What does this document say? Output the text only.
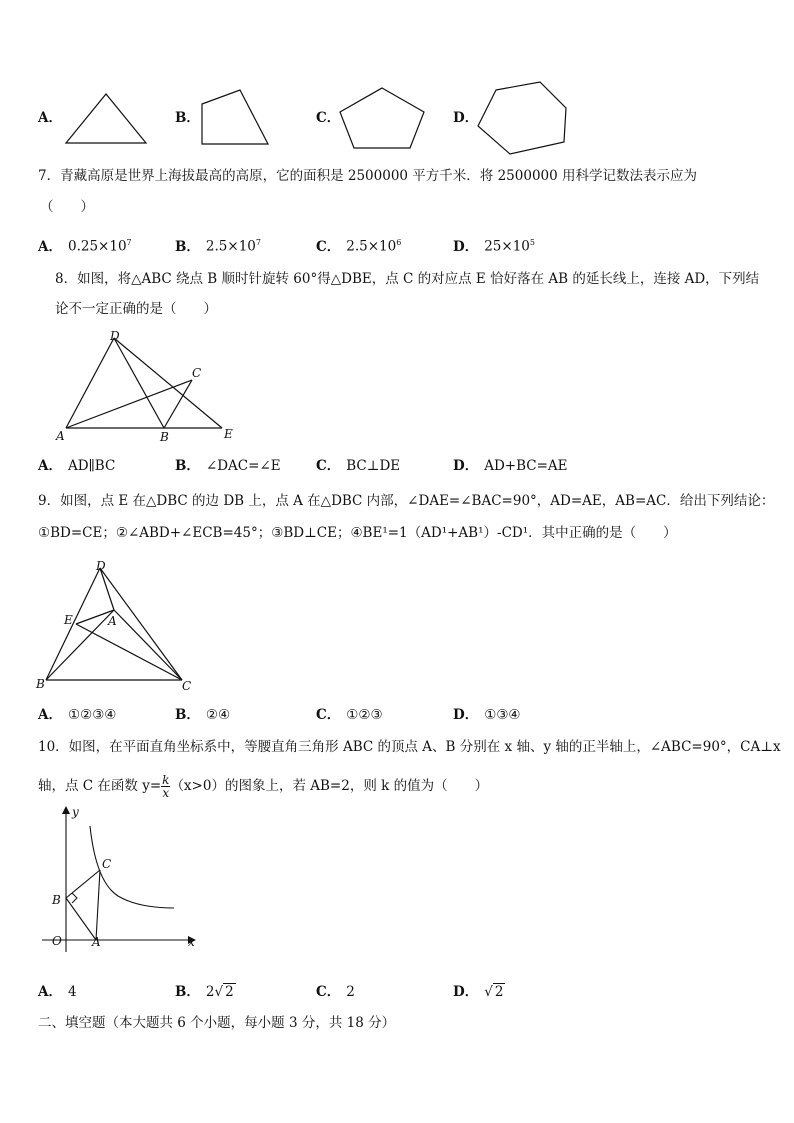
A．	B．	C．	D．
7．青藏高原是世界上海拔最高的高原，它的面积是 2500000 平方千米．将 2500000 用科学记数法表示应为
（　　）
A． $0.25\times 10^7$	B． $2.5\times 10^7$	C． $2.5\times 10^6$	D． $25\times 10^5$
8．如图，将△ABC 绕点 B 顺时针旋转 60°得△DBE，点 C 的对应点 E 恰好落在 AB 的延长线上，连接 AD，下列结
论不一定正确的是（　　）
D
C
A	B	E
A． AD∥BC	B． ∠DAC=∠E	C． BC⊥DE	D． AD+BC=AE
9．如图，点 E 在△DBC 的边 DB 上，点 A 在△DBC 内部，∠DAE=∠BAC=90°，AD=AE，AB=AC．给出下列结论：
①BD=CE；②∠ABD+∠ECB=45°；③BD⊥CE；④BE¹=1（AD¹+AB¹）-CD¹．其中正确的是（　　）
D
E	A
B	C
A． ①②③④	B． ②④	C． ①②③	D． ①③④
10．如图，在平面直角坐标系中，等腰直角三角形 ABC 的顶点 A、B 分别在 x 轴、y 轴的正半轴上，∠ABC=90°，CA⊥x
轴，点 C 在函数 $y= \frac{k}{x} (x>0)$的图象上，若 AB=2，则 k 的值为（　　）
y
x
O	A
B
C
A． 4	B． 2√ 2	C． 2	D． √ 2
二、填空题（本大题共 6 个小题，每小题 3 分，共 18 分）
